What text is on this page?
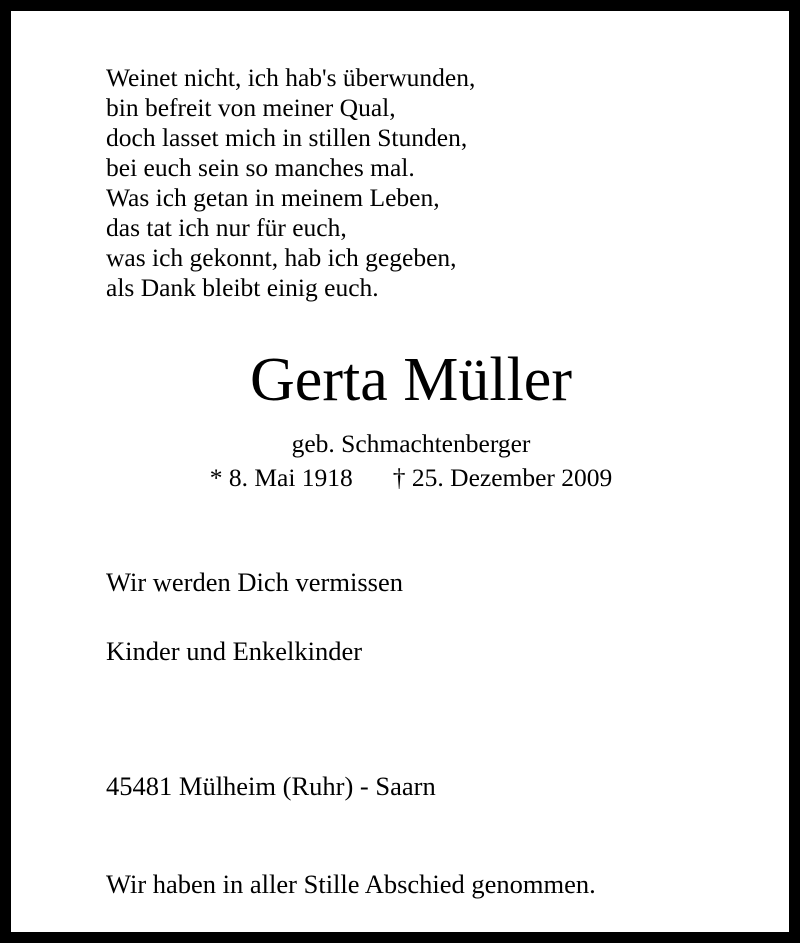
Weinet nicht, ich hab's überwunden,
bin befreit von meiner Qual,
doch lasset mich in stillen Stunden,
bei euch sein so manches mal.
Was ich getan in meinem Leben,
das tat ich nur für euch,
was ich gekonnt, hab ich gegeben,
als Dank bleibt einig euch.
Gerta Müller
geb. Schmachtenberger
* 8. Mai 1918 † 25. Dezember 2009
Wir werden Dich vermissen
Kinder und Enkelkinder
45481 Mülheim (Ruhr) - Saarn
Wir haben in aller Stille Abschied genommen.
